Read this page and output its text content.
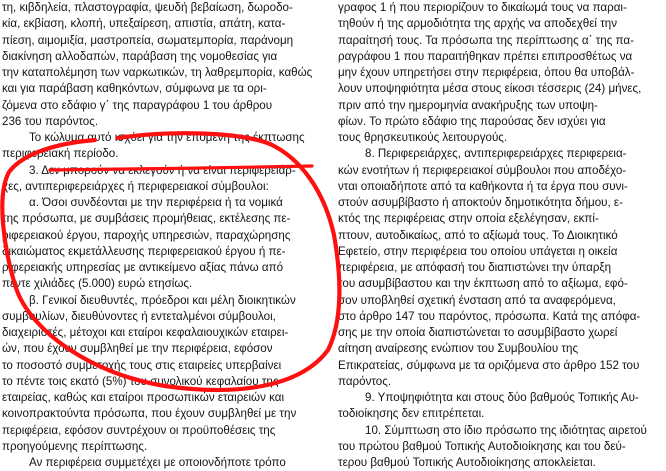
τη, κιβδηλεία, πλαστογραφία, ψευδή βεβαίωση, δωροδο-
κία, εκβίαση, κλοπή, υπεξαίρεση, απιστία, απάτη, κατα-
πίεση, αιμομιξία, μαστροπεία, σωματεμπορία, παράνομη
διακίνηση αλλοδαπών, παράβαση της νομοθεσίας για
την καταπολέμηση των ναρκωτικών, τη λαθρεμπορία, καθώς
και για παράβαση καθηκόντων, σύμφωνα με τα ορι-
ζόμενα στο εδάφιο γ΄ της παραγράφου 1 του άρθρου
236 του παρόντος.
Το κώλυμα αυτό ισχύει για την επόμενη της έκπτωσης
περιφερειακή περίοδο.
3. Δεν μπορούν να εκλεγούν ή να είναι περιφερειάρ-
χες, αντιπεριφερειάρχες ή περιφερειακοί σύμβουλοι:
α. Όσοι συνδέονται με την περιφέρεια ή τα νομικά
της πρόσωπα, με συμβάσεις προμήθειας, εκτέλεσης πε-
ριφερειακού έργου, παροχής υπηρεσιών, παραχώρησης
δικαιώματος εκμετάλλευσης περιφερειακού έργου ή πε-
ριφερειακής υπηρεσίας με αντικείμενο αξίας πάνω από
πέντε χιλιάδες (5.000) ευρώ ετησίως.
β. Γενικοί διευθυντές, πρόεδροι και μέλη διοικητικών
συμβουλίων, διευθύνοντες ή εντεταλμένοι σύμβουλοι,
διαχειριστές, μέτοχοι και εταίροι κεφαλαιουχικών εταιρει-
ών, που έχουν συμβληθεί με την περιφέρεια, εφόσον
το ποσοστό συμμετοχής τους στις εταιρείες υπερβαίνει
το πέντε τοις εκατό (5%) του συνολικού κεφαλαίου της
εταιρείας, καθώς και εταίροι προσωπικών εταιρειών και
κοινοπρακτούντα πρόσωπα, που έχουν συμβληθεί με την
περιφέρεια, εφόσον συντρέχουν οι προϋποθέσεις της
προηγούμενης περίπτωσης.
Αν περιφέρεια συμμετέχει με οποιονδήποτε τρόπο
γραφος 1 ή που περιορίζουν το δικαίωμά τους να παραι-
τηθούν ή της αρμοδιότητα της αρχής να αποδεχθεί την
παραίτησή τους. Τα πρόσωπα της περίπτωσης α΄ της πα-
ραγράφου 1 που παραιτήθηκαν πρέπει επιπροσθέτως να
μην έχουν υπηρετήσει στην περιφέρεια, όπου θα υποβάλ-
λουν υποψηφιότητα μέσα στους είκοσι τέσσερις (24) μήνες,
πριν από την ημερομηνία ανακήρυξης των υποψη-
φίων. Το πρώτο εδάφιο της παρούσας δεν ισχύει για
τους θρησκευτικούς λειτουργούς.
8. Περιφερειάρχες, αντιπεριφερειάρχες περιφερεια-
κών ενοτήτων ή περιφερειακοί σύμβουλοι που αποδέχο-
νται οποιαδήποτε από τα καθήκοντα ή τα έργα που συνι-
στούν ασυμβίβαστο ή αποκτούν δημοτικότητα δήμου, ε-
κτός της περιφέρειας στην οποία εξελέγησαν, εκπί-
πτουν, αυτοδικαίως, από το αξίωμά τους. Το Διοικητικό
Εφετείο, στην περιφέρεια του οποίου υπάγεται η οικεία
περιφέρεια, με απόφασή του διαπιστώνει την ύπαρξη
του ασυμβίβαστου και την έκπτωση από το αξίωμα, εφό-
σον υποβληθεί σχετική ένσταση από τα αναφερόμενα,
στο άρθρο 147 του παρόντος, πρόσωπα. Κατά της απόφα-
σης με την οποία διαπιστώνεται το ασυμβίβαστο χωρεί
αίτηση αναίρεσης ενώπιον του Συμβουλίου της
Επικρατείας, σύμφωνα με τα οριζόμενα στο άρθρο 152 του
παρόντος.
9. Υποψηφιότητα και στους δύο βαθμούς Τοπικής Αυ-
τοδιοίκησης δεν επιτρέπεται.
10. Σύμπτωση στο ίδιο πρόσωπο της ιδιότητας αιρετού
του πρώτου βαθμού Τοπικής Αυτοδιοίκησης και του δεύ-
τερου βαθμού Τοπικής Αυτοδιοίκησης αποκλείεται.
